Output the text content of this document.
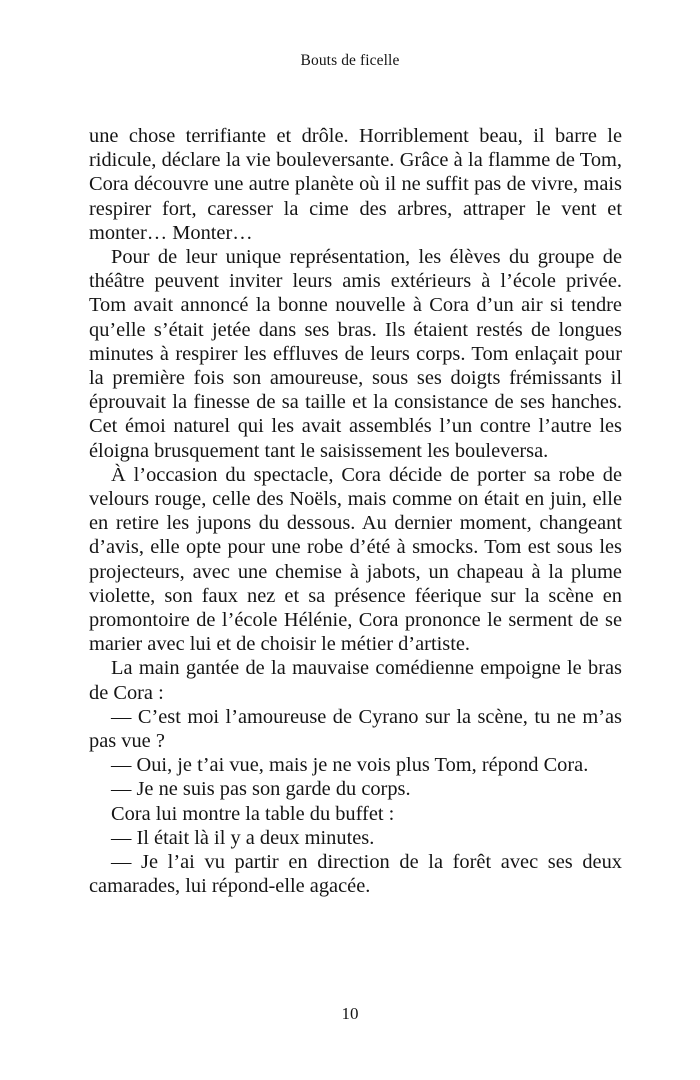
Bouts de ficelle

une chose terrifiante et drôle. Horriblement beau, il barre le ridicule, déclare la vie bouleversante. Grâce à la flamme de Tom, Cora découvre une autre planète où il ne suffit pas de vivre, mais respirer fort, caresser la cime des arbres, attraper le vent et monter… Monter…

Pour de leur unique représentation, les élèves du groupe de théâtre peuvent inviter leurs amis extérieurs à l’école privée. Tom avait annoncé la bonne nouvelle à Cora d’un air si tendre qu’elle s’était jetée dans ses bras. Ils étaient restés de longues minutes à respirer les effluves de leurs corps. Tom enlaçait pour la première fois son amoureuse, sous ses doigts frémissants il éprouvait la finesse de sa taille et la consistance de ses hanches. Cet émoi naturel qui les avait assemblés l’un contre l’autre les éloigna brusquement tant le saisissement les bouleversa.

À l’occasion du spectacle, Cora décide de porter sa robe de velours rouge, celle des Noëls, mais comme on était en juin, elle en retire les jupons du dessous. Au dernier moment, changeant d’avis, elle opte pour une robe d’été à smocks. Tom est sous les projecteurs, avec une chemise à jabots, un chapeau à la plume violette, son faux nez et sa présence féerique sur la scène en promontoire de l’école Hélénie, Cora prononce le serment de se marier avec lui et de choisir le métier d’artiste.

La main gantée de la mauvaise comédienne empoigne le bras de Cora :

— C’est moi l’amoureuse de Cyrano sur la scène, tu ne m’as pas vue ?

— Oui, je t’ai vue, mais je ne vois plus Tom, répond Cora.

— Je ne suis pas son garde du corps.

Cora lui montre la table du buffet :

— Il était là il y a deux minutes.

— Je l’ai vu partir en direction de la forêt avec ses deux camarades, lui répond-elle agacée.

10
